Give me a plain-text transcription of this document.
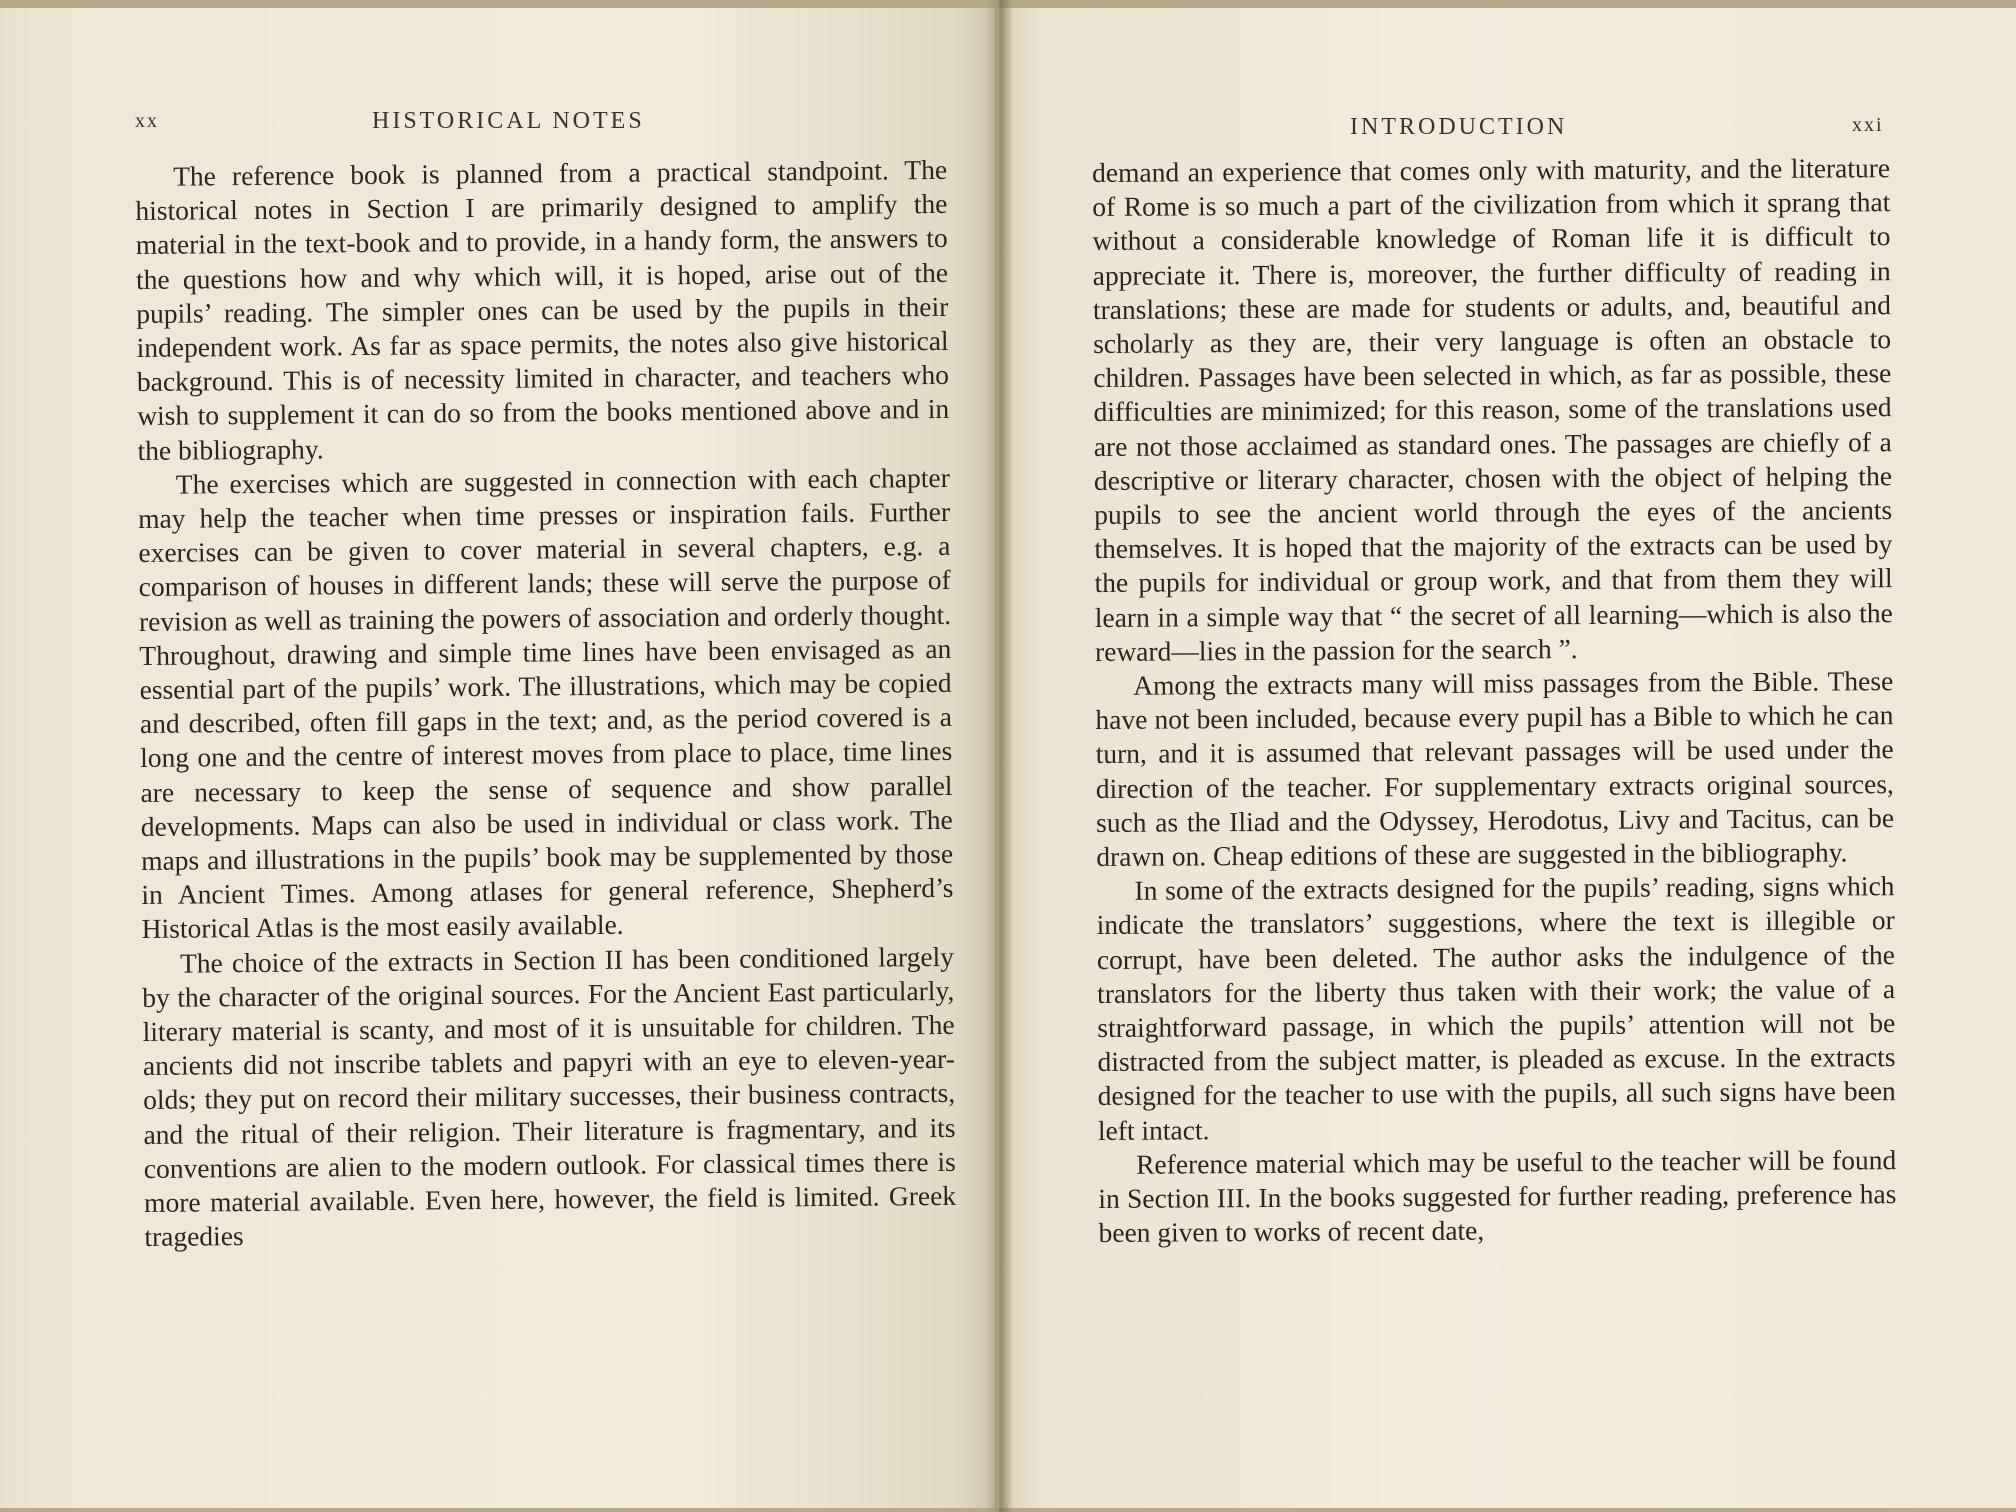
xx	HISTORICAL NOTES

The reference book is planned from a practical standpoint. The historical notes in Section I are primarily designed to amplify the material in the text-book and to provide, in a handy form, the answers to the questions how and why which will, it is hoped, arise out of the pupils’ reading. The simpler ones can be used by the pupils in their independent work. As far as space permits, the notes also give historical background. This is of necessity limited in character, and teachers who wish to supplement it can do so from the books mentioned above and in the bibliography.

The exercises which are suggested in connection with each chapter may help the teacher when time presses or inspiration fails. Further exercises can be given to cover material in several chapters, e.g. a comparison of houses in different lands; these will serve the purpose of revision as well as training the powers of association and orderly thought. Throughout, drawing and simple time lines have been envisaged as an essential part of the pupils’ work. The illustrations, which may be copied and described, often fill gaps in the text; and, as the period covered is a long one and the centre of interest moves from place to place, time lines are necessary to keep the sense of sequence and show parallel developments. Maps can also be used in individual or class work. The maps and illustrations in the pupils’ book may be supplemented by those in Ancient Times. Among atlases for general reference, Shepherd’s Historical Atlas is the most easily available.

The choice of the extracts in Section II has been conditioned largely by the character of the original sources. For the Ancient East particularly, literary material is scanty, and most of it is unsuitable for children. The ancients did not inscribe tablets and papyri with an eye to eleven-year-olds; they put on record their military successes, their business contracts, and the ritual of their religion. Their literature is fragmentary, and its conventions are alien to the modern outlook. For classical times there is more material available. Even here, however, the field is limited. Greek tragedies

INTRODUCTION	xxi

demand an experience that comes only with maturity, and the literature of Rome is so much a part of the civilization from which it sprang that without a considerable knowledge of Roman life it is difficult to appreciate it. There is, moreover, the further difficulty of reading in translations; these are made for students or adults, and, beautiful and scholarly as they are, their very language is often an obstacle to children. Passages have been selected in which, as far as possible, these difficulties are minimized; for this reason, some of the translations used are not those acclaimed as standard ones. The passages are chiefly of a descriptive or literary character, chosen with the object of helping the pupils to see the ancient world through the eyes of the ancients themselves. It is hoped that the majority of the extracts can be used by the pupils for individual or group work, and that from them they will learn in a simple way that “ the secret of all learning—which is also the reward—lies in the passion for the search ”.

Among the extracts many will miss passages from the Bible. These have not been included, because every pupil has a Bible to which he can turn, and it is assumed that relevant passages will be used under the direction of the teacher. For supplementary extracts original sources, such as the Iliad and the Odyssey, Herodotus, Livy and Tacitus, can be drawn on. Cheap editions of these are suggested in the bibliography.

In some of the extracts designed for the pupils’ reading, signs which indicate the translators’ suggestions, where the text is illegible or corrupt, have been deleted. The author asks the indulgence of the translators for the liberty thus taken with their work; the value of a straightforward passage, in which the pupils’ attention will not be distracted from the subject matter, is pleaded as excuse. In the extracts designed for the teacher to use with the pupils, all such signs have been left intact.

Reference material which may be useful to the teacher will be found in Section III. In the books suggested for further reading, preference has been given to works of recent date,
